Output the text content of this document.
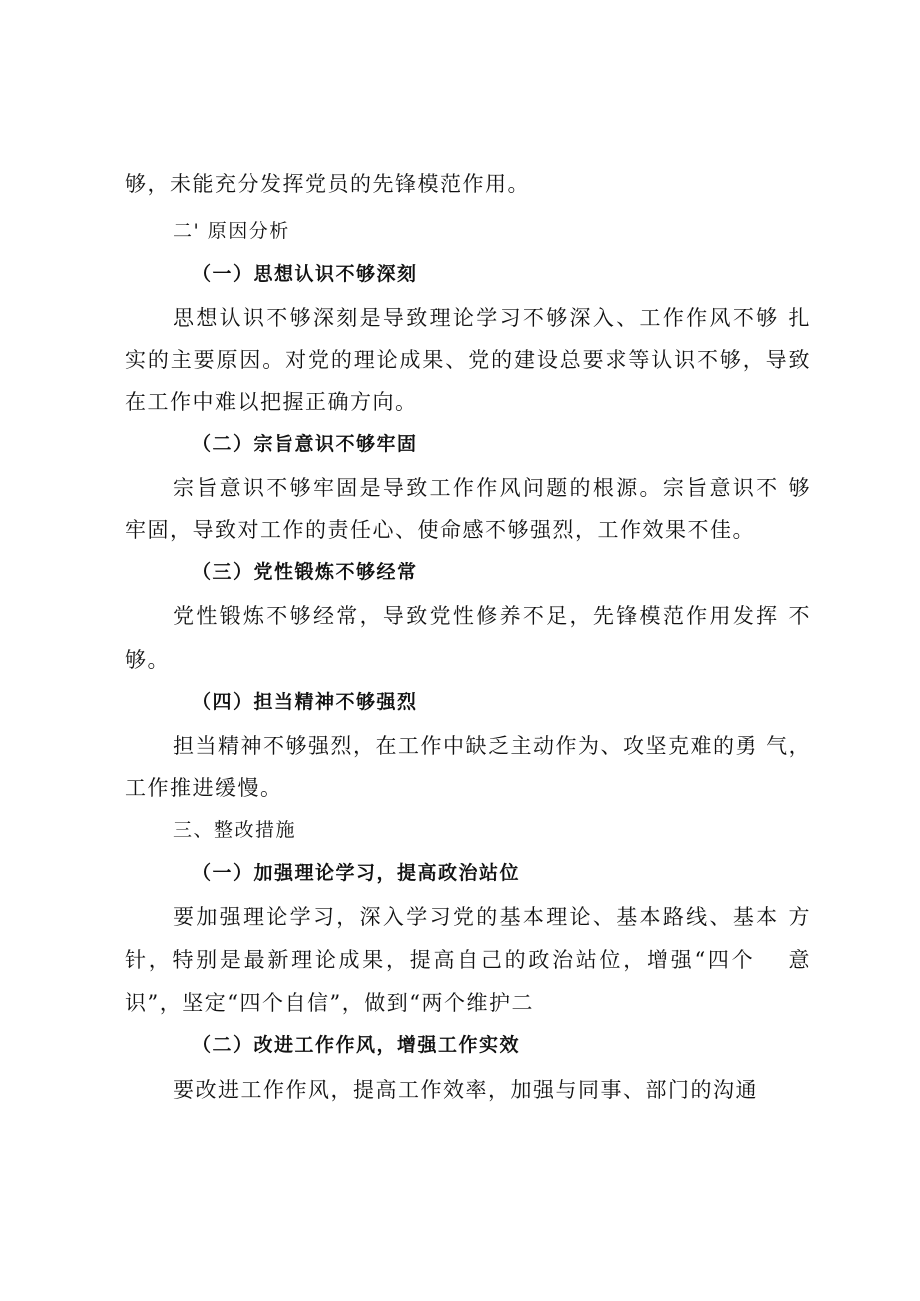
够，未能充分发挥党员的先锋模范作用。
二' 原因分析
（一）思想认识不够深刻
思想认识不够深刻是导致理论学习不够深入、工作作风不够 扎
实的主要原因。对党的理论成果、党的建设总要求等认识不够，导致
在工作中难以把握正确方向。
（二）宗旨意识不够牢固
宗旨意识不够牢固是导致工作作风问题的根源。宗旨意识不 够
牢固，导致对工作的责任心、使命感不够强烈，工作效果不佳。
（三）党性锻炼不够经常
党性锻炼不够经常，导致党性修养不足，先锋模范作用发挥 不
够。
（四）担当精神不够强烈
担当精神不够强烈，在工作中缺乏主动作为、攻坚克难的勇 气，
工作推进缓慢。
三、整改措施
（一）加强理论学习，提高政治站位
要加强理论学习，深入学习党的基本理论、基本路线、基本 方
针，特别是最新理论成果，提高自己的政治站位，增强“四个　 意
识”，坚定“四个自信”，做到“两个维护二
（二）改进工作作风，增强工作实效
要改进工作作风，提高工作效率，加强与同事、部门的沟通
